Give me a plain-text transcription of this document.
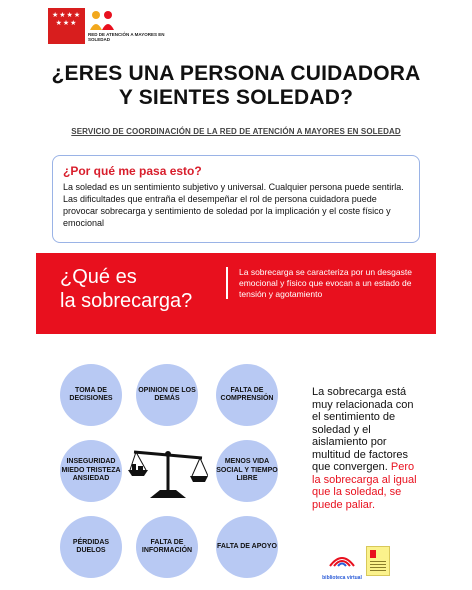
★★★★
★★★
RED DE ATENCIÓN A MAYORES EN SOLEDAD
¿ERES UNA PERSONA CUIDADORA
Y SIENTES SOLEDAD?
SERVICIO DE COORDINACIÓN DE LA RED DE ATENCIÓN A MAYORES EN SOLEDAD
¿Por qué me pasa esto?
La soledad es un sentimiento subjetivo y universal. Cualquier persona puede sentirla. Las dificultades que entraña el desempeñar el rol de persona cuidadora puede provocar sobrecarga y sentimiento de soledad por la implicación y el coste físico y emocional
¿Qué es
la sobrecarga?
La sobrecarga se caracteriza por un desgaste emocional y físico que evocan a un estado de tensión y agotamiento
TOMA DE DECISIONES
OPINION DE LOS DEMÁS
FALTA DE COMPRENSIÓN
INSEGURIDAD MIEDO TRISTEZA ANSIEDAD
MENOS VIDA SOCIAL Y TIEMPO LIBRE
PÉRDIDAS DUELOS
FALTA DE INFORMACIÓN
FALTA DE APOYO
La sobrecarga está muy relacionada con el sentimiento de soledad y el aislamiento por multitud de factores que convergen. Pero la sobrecarga al igual que la soledad, se puede paliar.
biblioteca virtual
